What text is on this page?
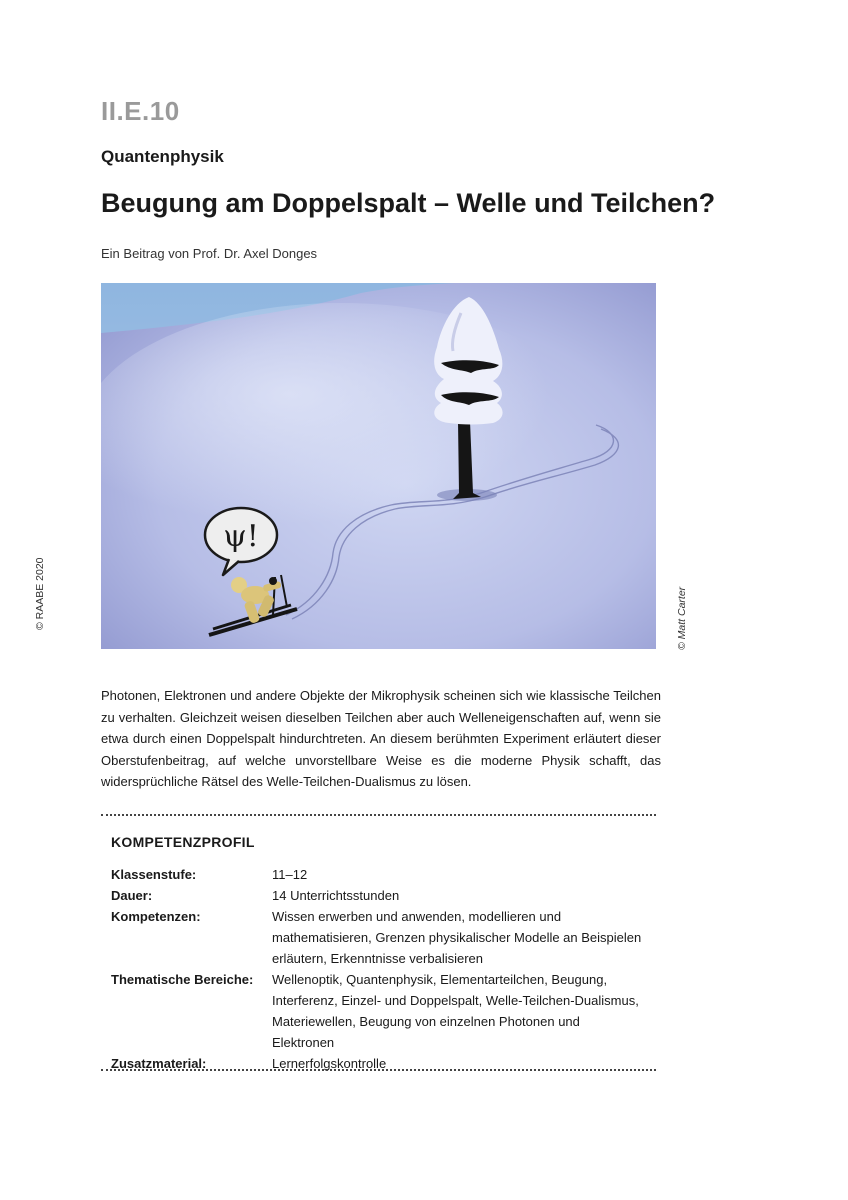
II.E.10
Quantenphysik
Beugung am Doppelspalt – Welle und Teilchen?
Ein Beitrag von Prof. Dr. Axel Donges
© RAABE 2020
ψ!
© Matt Carter
Photonen, Elektronen und andere Objekte der Mikrophysik scheinen sich wie klassische Teilchen zu verhalten. Gleichzeit weisen dieselben Teilchen aber auch Welleneigenschaften auf, wenn sie etwa durch einen Doppelspalt hindurchtreten. An diesem berühmten Experiment erläutert dieser Oberstufenbeitrag, auf welche unvorstellbare Weise es die moderne Physik schafft, das widersprüchliche Rätsel des Welle-Teilchen-Dualismus zu lösen.
KOMPETENZPROFIL
Klassenstufe:	11–12
Dauer:	14 Unterrichtsstunden
Kompetenzen:	Wissen erwerben und anwenden, modellieren und mathematisieren, Grenzen physikalischer Modelle an Beispielen erläutern, Erkenntnisse verbalisieren
Thematische Bereiche:	Wellenoptik, Quantenphysik, Elementarteilchen, Beugung, Interferenz, Einzel- und Doppelspalt, Welle-Teilchen-Dualismus, Materiewellen, Beugung von einzelnen Photonen und Elektronen
Zusatzmaterial:	Lernerfolgskontrolle
